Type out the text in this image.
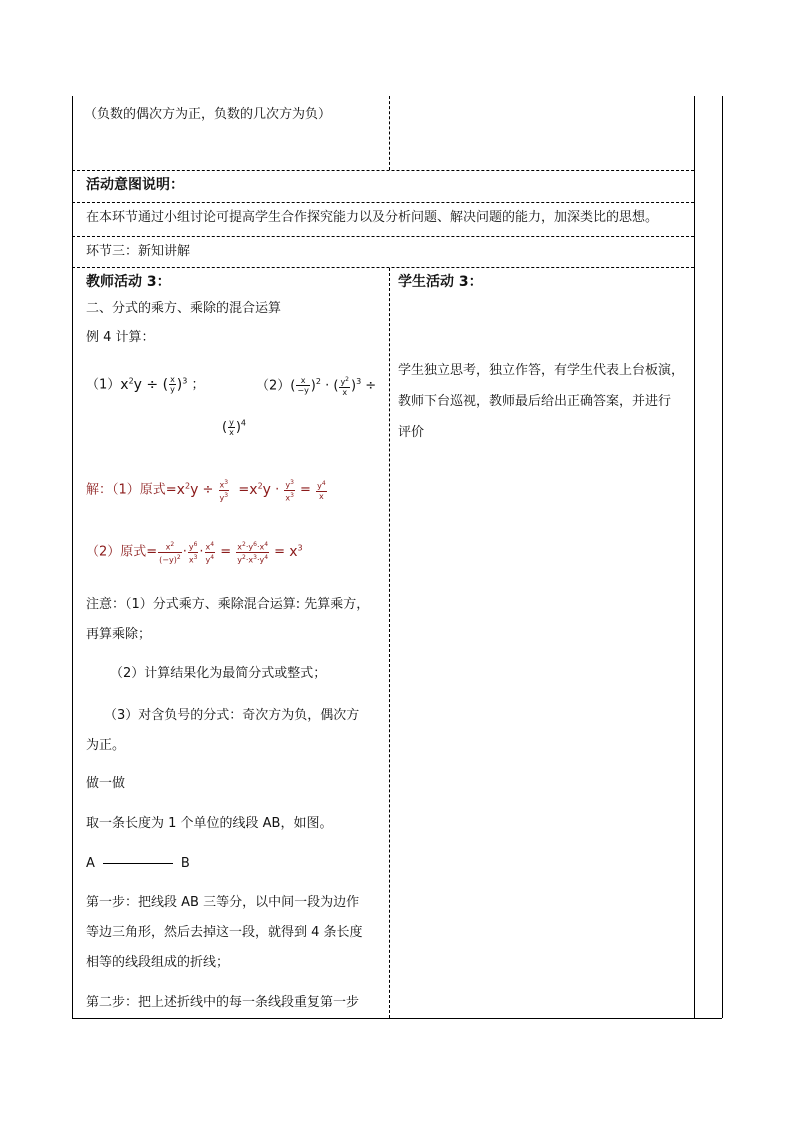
（负数的偶次方为正，负数的几次方为负）
活动意图说明：
在本环节通过小组讨论可提高学生合作探究能力以及分析问题、解决问题的能力，加深类比的思想。
环节三：新知讲解
教师活动 3：
二、分式的乘方、乘除的混合运算
例 4 计算：
$(1)x^2y$ ÷ ( $\frac{x}{y} )^3$ ；	$(2)( \frac{x}{-y} )^2$ · ( $\frac{y^2}{x} )^3$ ÷
( $\frac{y}{x} )^4$
解：（1）原式$=x^2y \div \frac{x^3}{y^3} =x^2y \cdot \frac{y^3}{x^3} = \frac{y^4}{x}$
（2）原式= $\frac{x^2}{(-y)^2} \cdot \frac{y^6}{x^3} \cdot \frac{x^4}{y^4} = \frac{x^2\cdot y^6\cdot x^4}{y^2\cdot x^3\cdot y^4} = x^3$
注意：（1）分式乘方、乘除混合运算: 先算乘方，
再算乘除；
（2）计算结果化为最简分式或整式；
（3）对含负号的分式：奇次方为负，偶次方
为正。
做一做
取一条长度为 1 个单位的线段 AB，如图。
A	B
第一步：把线段 AB 三等分，以中间一段为边作
等边三角形，然后去掉这一段，就得到 4 条长度
相等的线段组成的折线；
第二步：把上述折线中的每一条线段重复第一步
学生活动 3：
学生独立思考，独立作答，有学生代表上台板演，
教师下台巡视，教师最后给出正确答案，并进行
评价
